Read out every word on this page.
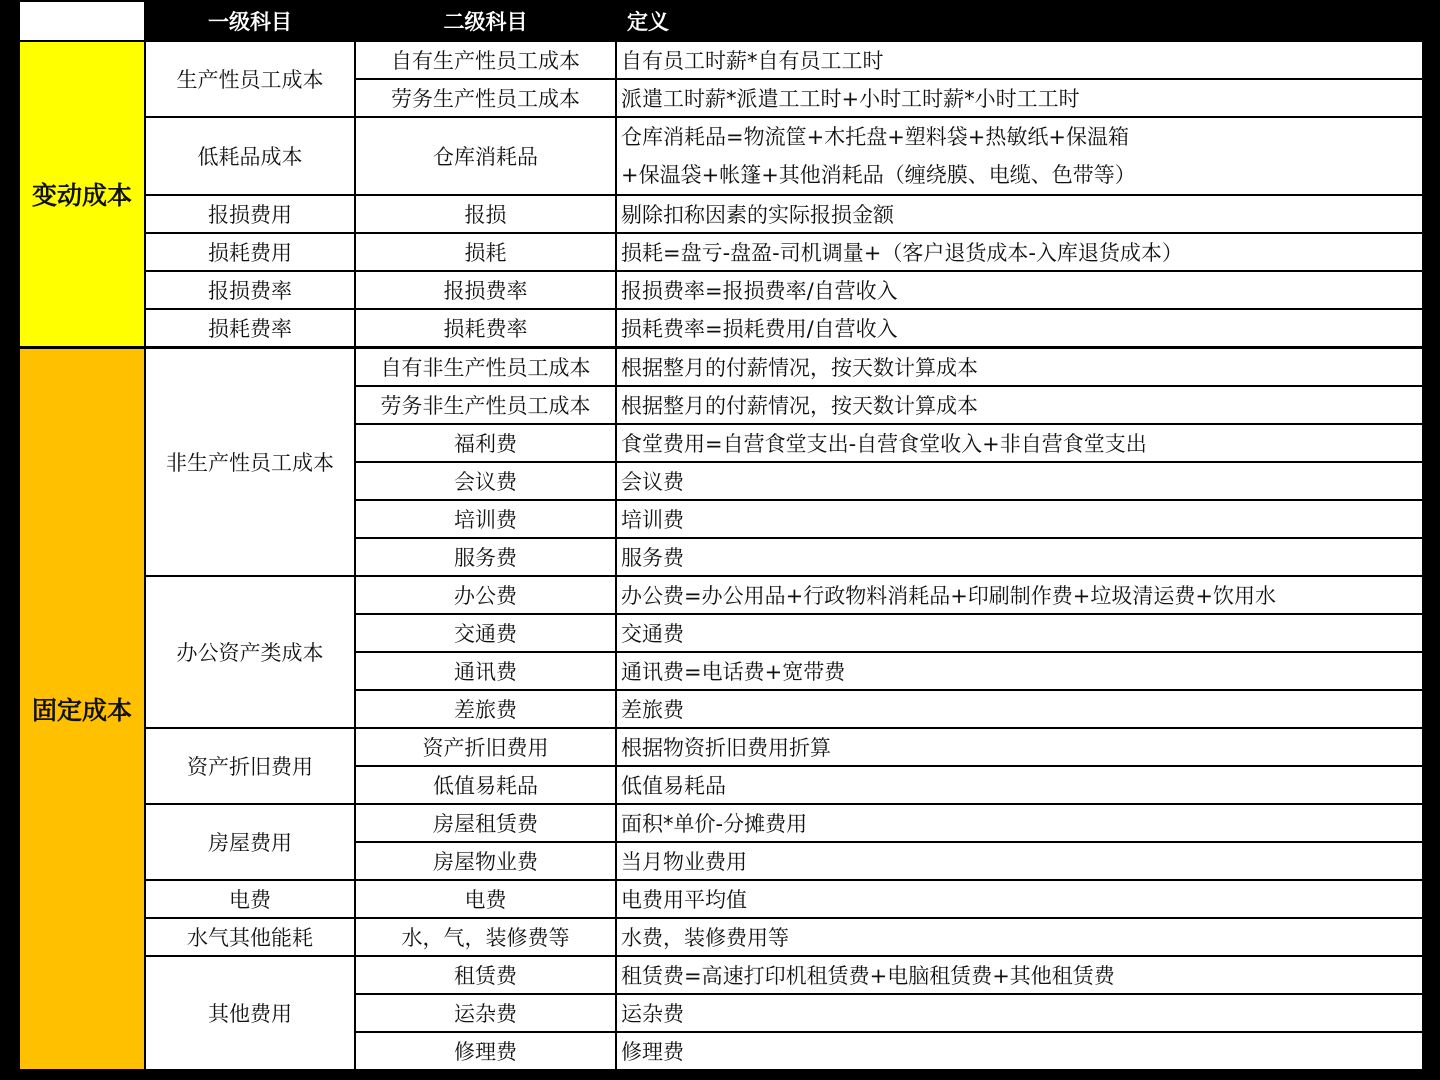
	一级科目	二级科目	定义
变动成本	生产性员工成本	自有生产性员工成本	自有员工时薪*自有员工工时
		劳务生产性员工成本	派遣工时薪*派遣工工时+小时工时薪*小时工工时
	低耗品成本	仓库消耗品	仓库消耗品=物流筐+木托盘+塑料袋+热敏纸+保温箱
+保温袋+帐篷+其他消耗品（缠绕膜、电缆、色带等）
	报损费用	报损	剔除扣称因素的实际报损金额
	损耗费用	损耗	损耗=盘亏-盘盈-司机调量+（客户退货成本-入库退货成本）
	报损费率	报损费率	报损费率=报损费率/自营收入
	损耗费率	损耗费率	损耗费率=损耗费用/自营收入
固定成本	非生产性员工成本	自有非生产性员工成本	根据整月的付薪情况，按天数计算成本
		劳务非生产性员工成本	根据整月的付薪情况，按天数计算成本
		福利费	食堂费用=自营食堂支出-自营食堂收入+非自营食堂支出
		会议费	会议费
		培训费	培训费
		服务费	服务费
	办公资产类成本	办公费	办公费=办公用品+行政物料消耗品+印刷制作费+垃圾清运费+饮用水
		交通费	交通费
		通讯费	通讯费=电话费+宽带费
		差旅费	差旅费
	资产折旧费用	资产折旧费用	根据物资折旧费用折算
		低值易耗品	低值易耗品
	房屋费用	房屋租赁费	面积*单价-分摊费用
		房屋物业费	当月物业费用
	电费	电费	电费用平均值
	水气其他能耗	水，气，装修费等	水费，装修费用等
	其他费用	租赁费	租赁费=高速打印机租赁费+电脑租赁费+其他租赁费
		运杂费	运杂费
		修理费	修理费
